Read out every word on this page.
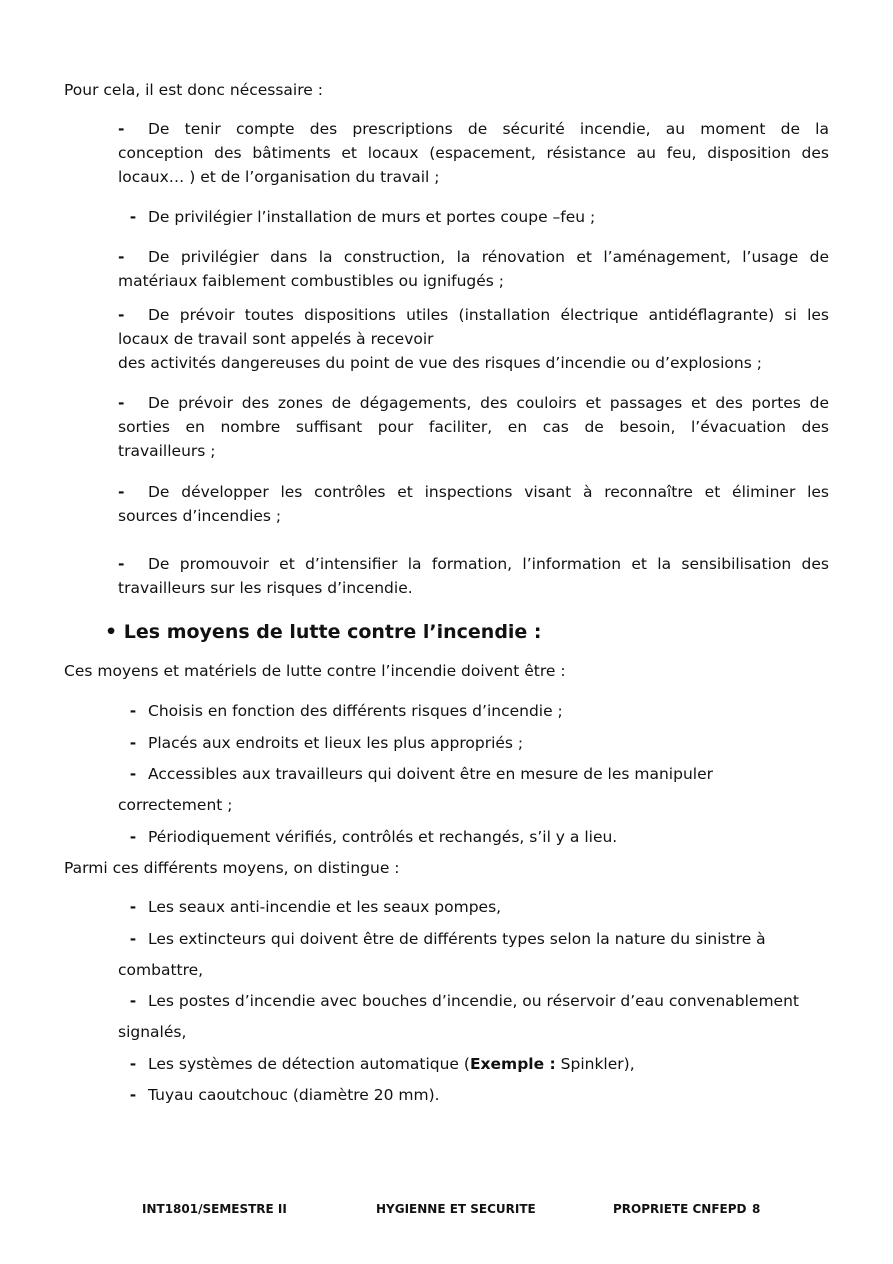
Pour cela, il est donc nécessaire :
- De tenir compte des prescriptions de sécurité incendie, au moment de la
conception des bâtiments et locaux (espacement, résistance au feu, disposition des
locaux… ) et de l’organisation du travail ;
- De privilégier l’installation de murs et portes coupe –feu ;
- De privilégier dans la construction, la rénovation et l’aménagement, l’usage de
matériaux faiblement combustibles ou ignifugés ;
- De prévoir toutes dispositions utiles (installation électrique antidéflagrante) si les
locaux de travail sont appelés à recevoir
des activités dangereuses du point de vue des risques d’incendie ou d’explosions ;
- De prévoir des zones de dégagements, des couloirs et passages et des portes de
sorties en nombre suffisant pour faciliter, en cas de besoin, l’évacuation des
travailleurs ;
- De développer les contrôles et inspections visant à reconnaître et éliminer les
sources d’incendies ;
- De promouvoir et d’intensifier la formation, l’information et la sensibilisation des
travailleurs sur les risques d’incendie.
• Les moyens de lutte contre l’incendie :
Ces moyens et matériels de lutte contre l’incendie doivent être :
- Choisis en fonction des différents risques d’incendie ;
- Placés aux endroits et lieux les plus appropriés ;
- Accessibles aux travailleurs qui doivent être en mesure de les manipuler
correctement ;
- Périodiquement vérifiés, contrôlés et rechangés, s’il y a lieu.
Parmi ces différents moyens, on distingue :
- Les seaux anti-incendie et les seaux pompes,
- Les extincteurs qui doivent être de différents types selon la nature du sinistre à
combattre,
- Les postes d’incendie avec bouches d’incendie, ou réservoir d’eau convenablement
signalés,
- Les systèmes de détection automatique (Exemple : Spinkler),
- Tuyau caoutchouc (diamètre 20 mm).
INT1801/SEMESTRE II	HYGIENNE ET SECURITE	PROPRIETE CNFEPD 8
